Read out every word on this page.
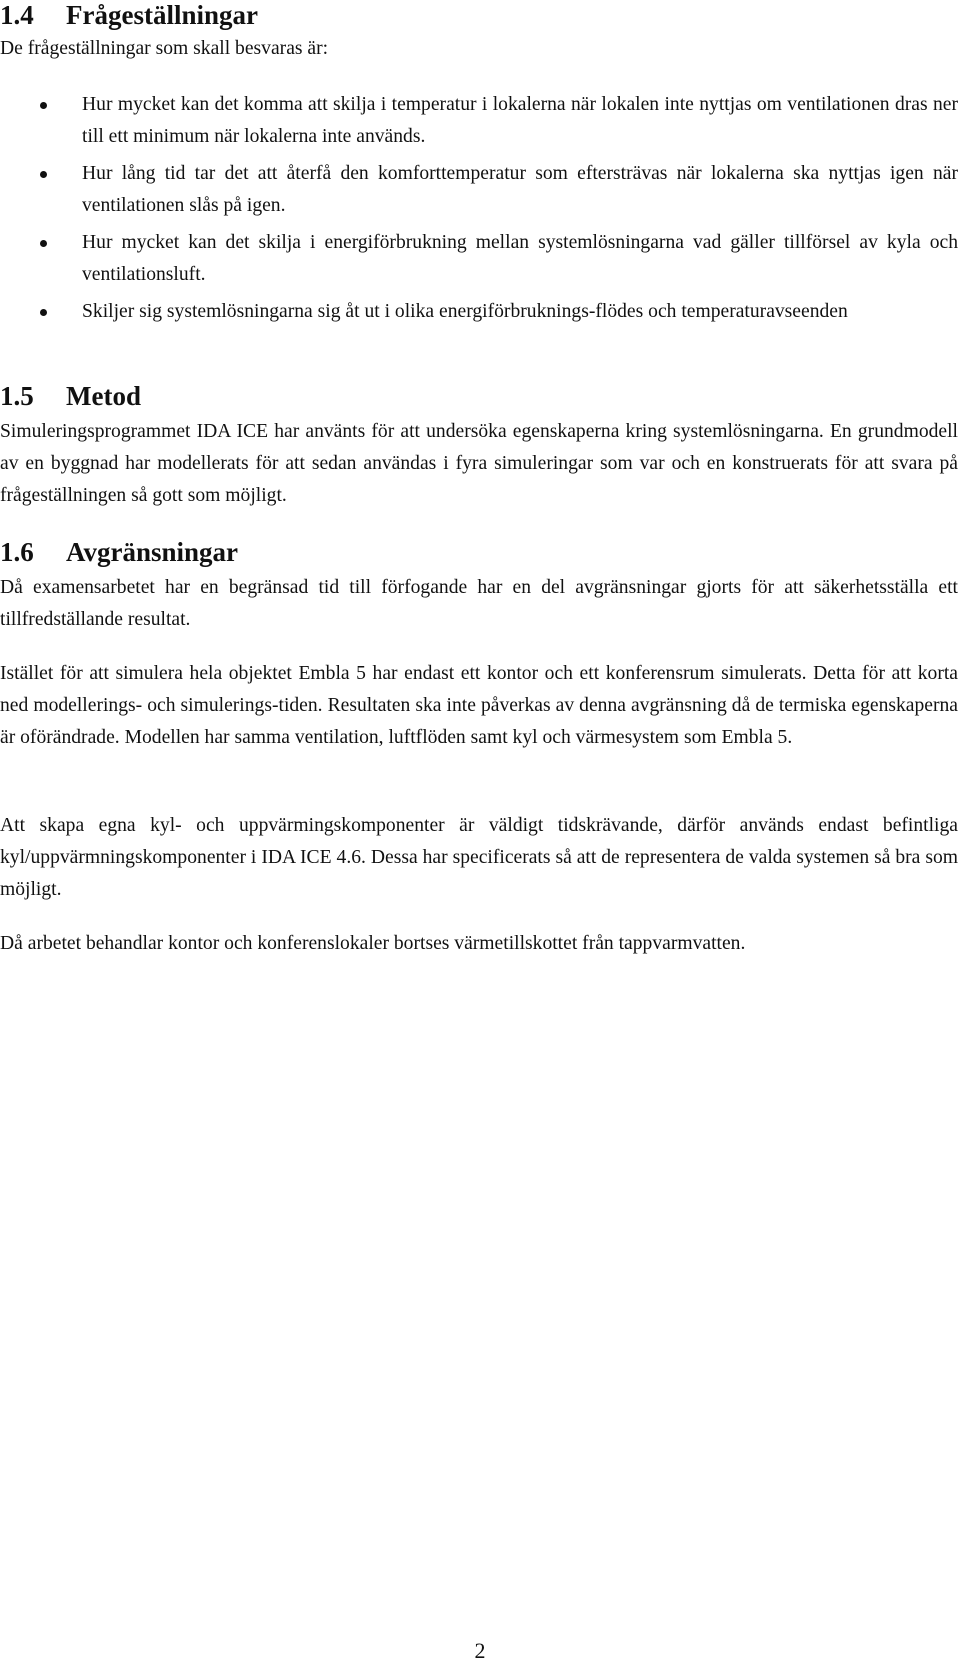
1.4 Frågeställningar

De frågeställningar som skall besvaras är:

Hur mycket kan det komma att skilja i temperatur i lokalerna när lokalen inte nyttjas om ventilationen dras ner till ett minimum när lokalerna inte används.
Hur lång tid tar det att återfå den komforttemperatur som eftersträvas när lokalerna ska nyttjas igen när ventilationen slås på igen.
Hur mycket kan det skilja i energiförbrukning mellan systemlösningarna vad gäller tillförsel av kyla och ventilationsluft.
Skiljer sig systemlösningarna sig åt ut i olika energiförbruknings-flödes och temperaturavseenden
1.5 Metod

Simuleringsprogrammet IDA ICE har använts för att undersöka egenskaperna kring systemlösningarna. En grundmodell av en byggnad har modellerats för att sedan användas i fyra simuleringar som var och en konstruerats för att svara på frågeställningen så gott som möjligt.

1.6 Avgränsningar

Då examensarbetet har en begränsad tid till förfogande har en del avgränsningar gjorts för att säkerhetsställa ett tillfredställande resultat.

Istället för att simulera hela objektet Embla 5 har endast ett kontor och ett konferensrum simulerats. Detta för att korta ned modellerings- och simulerings-tiden. Resultaten ska inte påverkas av denna avgränsning då de termiska egenskaperna är oförändrade. Modellen har samma ventilation, luftflöden samt kyl och värmesystem som Embla 5.

Att skapa egna kyl- och uppvärmingskomponenter är väldigt tidskrävande, därför används endast befintliga kyl/uppvärmningskomponenter i IDA ICE 4.6. Dessa har specificerats så att de representera de valda systemen så bra som möjligt.

Då arbetet behandlar kontor och konferenslokaler bortses värmetillskottet från tappvarmvatten.

2
